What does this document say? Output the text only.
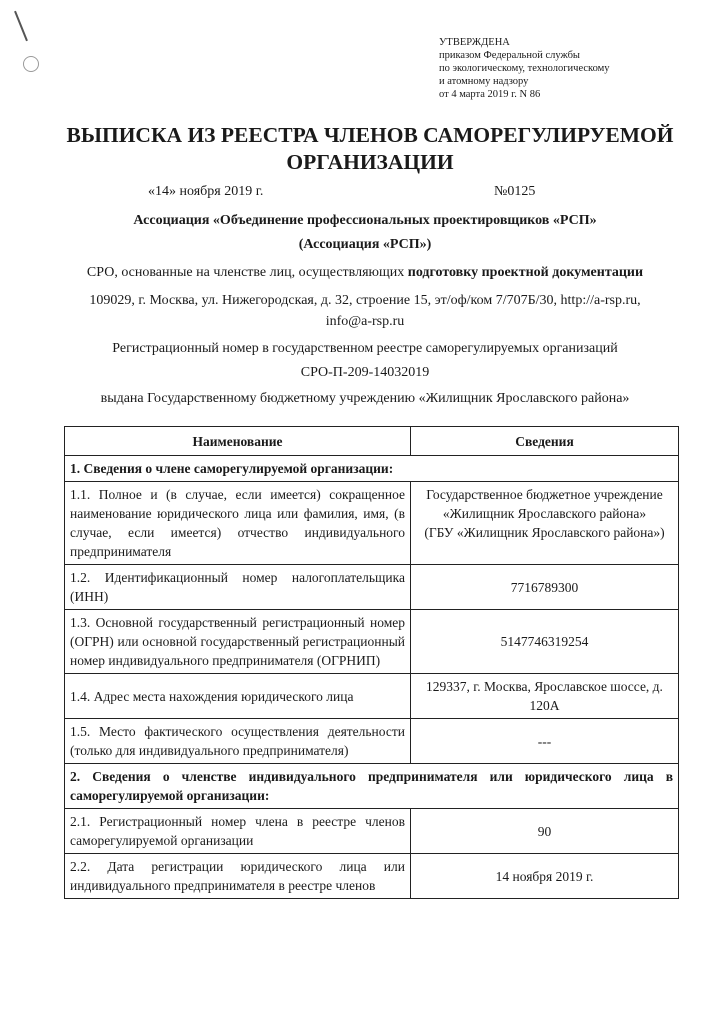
УТВЕРЖДЕНА
приказом Федеральной службы
по экологическому, технологическому
и атомному надзору
от 4 марта 2019 г. N 86
ВЫПИСКА ИЗ РЕЕСТРА ЧЛЕНОВ САМОРЕГУЛИРУЕМОЙ
ОРГАНИЗАЦИИ
«14» ноября 2019 г.	№0125
Ассоциация «Объединение профессиональных проектировщиков «РСП»
(Ассоциация «РСП»)
СРО, основанные на членстве лиц, осуществляющих подготовку проектной документации
109029, г. Москва, ул. Нижегородская, д. 32, строение 15, эт/оф/ком 7/707Б/30, http://a-rsp.ru,
info@a-rsp.ru
Регистрационный номер в государственном реестре саморегулируемых организаций
СРО-П-209-14032019
выдана Государственному бюджетному учреждению «Жилищник Ярославского района»
Наименование	Сведения
1. Сведения о члене саморегулируемой организации:	
1.1. Полное и (в случае, если имеется) сокращенное наименование юридического лица или фамилия, имя, (в случае, если имеется) отчество индивидуального предпринимателя	Государственное бюджетное учреждение «Жилищник Ярославского района»
(ГБУ «Жилищник Ярославского района»)

1.2. Идентификационный номер налогоплательщика (ИНН)	7716789300
1.3. Основной государственный регистрационный номер (ОГРН) или основной государственный регистрационный номер индивидуального предпринимателя (ОГРНИП)	5147746319254
1.4. Адрес места нахождения юридического лица	129337, г. Москва, Ярославское шоссе, д. 120А
1.5. Место фактического осуществления деятельности (только для индивидуального предпринимателя)	---
2. Сведения о членстве индивидуального предпринимателя или юридического лица в саморегулируемой организации:	
2.1. Регистрационный номер члена в реестре членов саморегулируемой организации	90
2.2. Дата регистрации юридического лица или индивидуального предпринимателя в реестре членов	14 ноября 2019 г.
